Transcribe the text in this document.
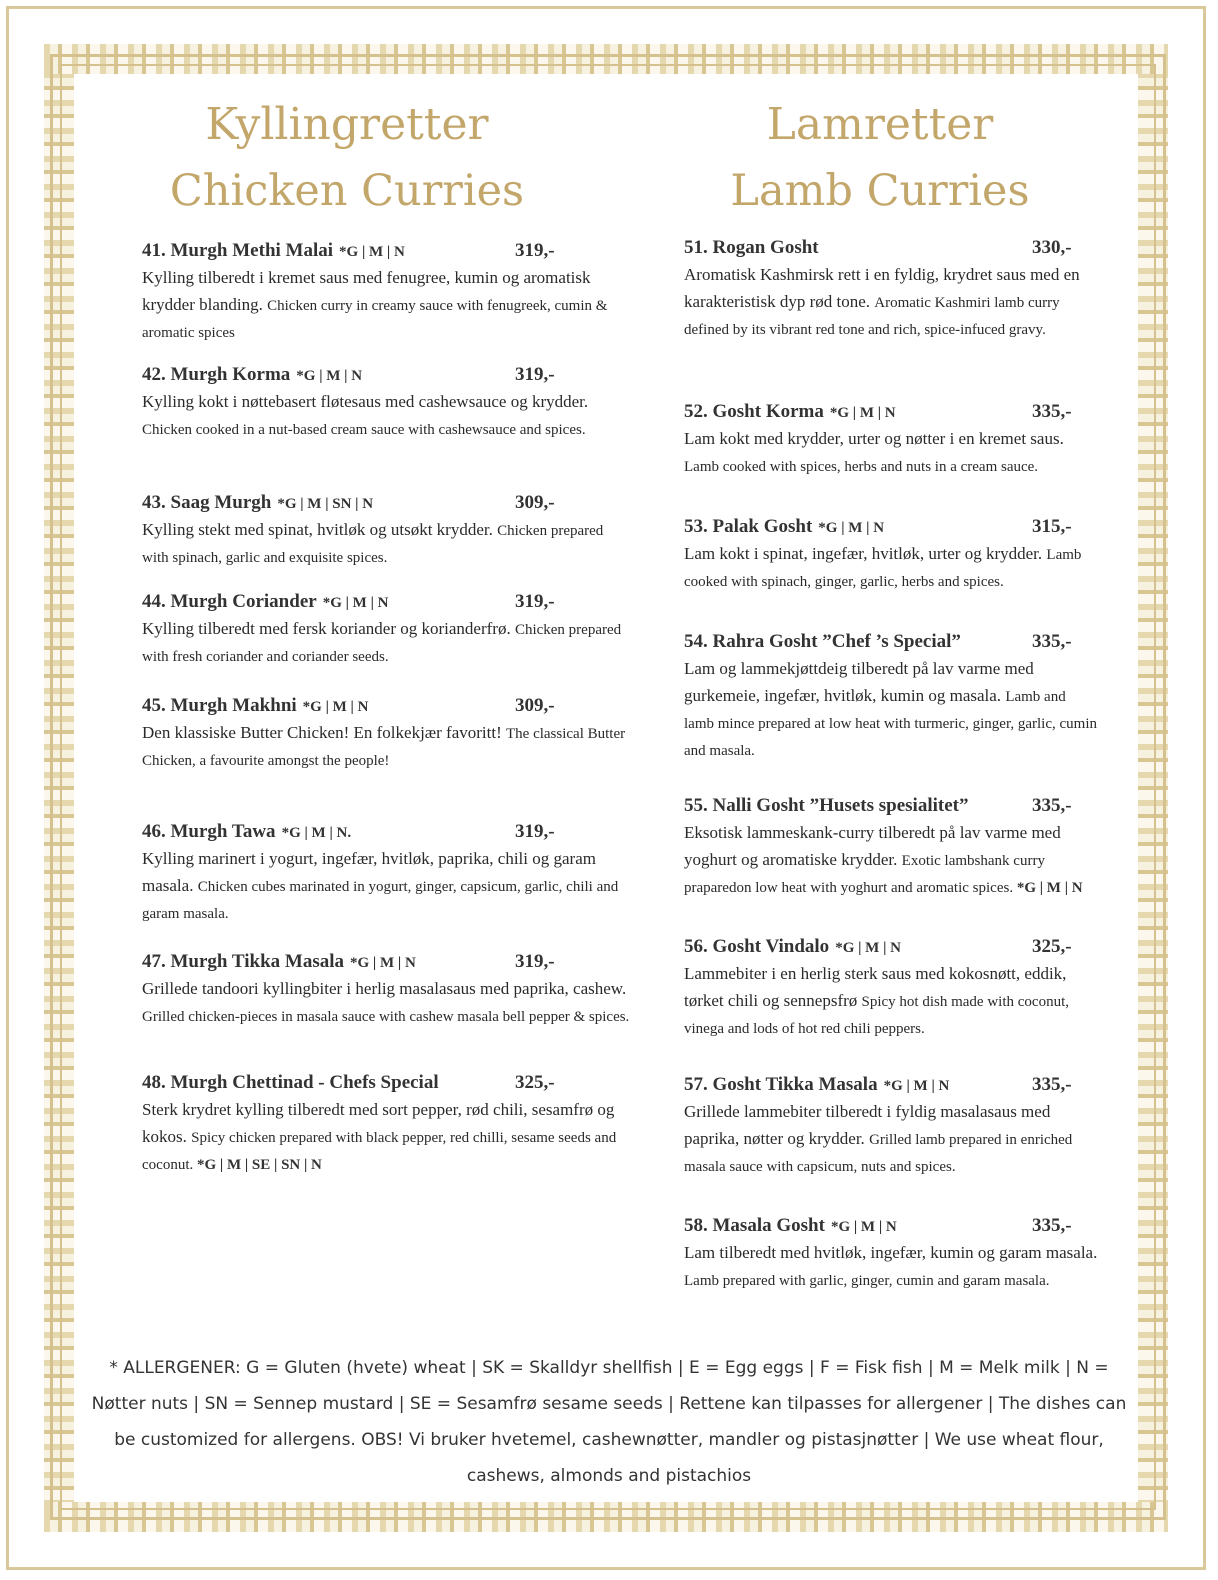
Kyllingretter
Chicken Curries
Lamretter
Lamb Curries
41. Murgh Methi Malai *G | M | N	319,-
Kylling tilberedt i kremet saus med fenugree, kumin og aromatisk krydder blanding. Chicken curry in creamy sauce with fenugreek, cumin & aromatic spices
42. Murgh Korma *G | M | N	319,-
Kylling kokt i nøttebasert fløtesaus med cashewsauce og krydder. Chicken cooked in a nut-based cream sauce with cashewsauce and spices.
43. Saag Murgh *G | M | SN | N	309,-
Kylling stekt med spinat, hvitløk og utsøkt krydder. Chicken prepared with spinach, garlic and exquisite spices.
44. Murgh Coriander *G | M | N	319,-
Kylling tilberedt med fersk koriander og korianderfrø. Chicken prepared with fresh coriander and coriander seeds.
45. Murgh Makhni *G | M | N	309,-
Den klassiske Butter Chicken! En folkekjær favoritt! The classical Butter Chicken, a favourite amongst the people!
46. Murgh Tawa *G | M | N.	319,-
Kylling marinert i yogurt, ingefær, hvitløk, paprika, chili og garam masala. Chicken cubes marinated in yogurt, ginger, capsicum, garlic, chili and garam masala.
47. Murgh Tikka Masala *G | M | N	319,-
Grillede tandoori kyllingbiter i herlig masalasaus med paprika, cashew. Grilled chicken-pieces in masala sauce with cashew masala bell pepper & spices.
48. Murgh Chettinad - Chefs Special	325,-
Sterk krydret kylling tilberedt med sort pepper, rød chili, sesamfrø og kokos. Spicy chicken prepared with black pepper, red chilli, sesame seeds and coconut. *G | M | SE | SN | N
51. Rogan Gosht	330,-
Aromatisk Kashmirsk rett i en fyldig, krydret saus med en karakteristisk dyp rød tone. Aromatic Kashmiri lamb curry defined by its vibrant red tone and rich, spice-infuced gravy.
52. Gosht Korma *G | M | N	335,-
Lam kokt med krydder, urter og nøtter i en kremet saus. Lamb cooked with spices, herbs and nuts in a cream sauce.
53. Palak Gosht *G | M | N	315,-
Lam kokt i spinat, ingefær, hvitløk, urter og krydder. Lamb cooked with spinach, ginger, garlic, herbs and spices.
54. Rahra Gosht ”Chef ’s Special”	335,-
Lam og lammekjøttdeig tilberedt på lav varme med gurkemeie, ingefær, hvitløk, kumin og masala. Lamb and lamb mince prepared at low heat with turmeric, ginger, garlic, cumin and masala.
55. Nalli Gosht ”Husets spesialitet”	335,-
Eksotisk lammeskank-curry tilberedt på lav varme med yoghurt og aromatiske krydder. Exotic lambshank curry praparedon low heat with yoghurt and aromatic spices. *G | M | N
56. Gosht Vindalo *G | M | N	325,-
Lammebiter i en herlig sterk saus med kokosnøtt, eddik, tørket chili og sennepsfrø Spicy hot dish made with coconut, vinega and lods of hot red chili peppers.
57. Gosht Tikka Masala *G | M | N	335,-
Grillede lammebiter tilberedt i fyldig masalasaus med paprika, nøtter og krydder. Grilled lamb prepared in enriched masala sauce with capsicum, nuts and spices.
58. Masala Gosht *G | M | N	335,-
Lam tilberedt med hvitløk, ingefær, kumin og garam masala. Lamb prepared with garlic, ginger, cumin and garam masala.
* ALLERGENER: G = Gluten (hvete) wheat | SK = Skalldyr shellfish | E = Egg eggs | F = Fisk fish | M = Melk milk | N = Nøtter nuts | SN = Sennep mustard | SE = Sesamfrø sesame seeds | Rettene kan tilpasses for allergener | The dishes can be customized for allergens. OBS! Vi bruker hvetemel, cashewnøtter, mandler og pistasjnøtter | We use wheat flour, cashews, almonds and pistachios
